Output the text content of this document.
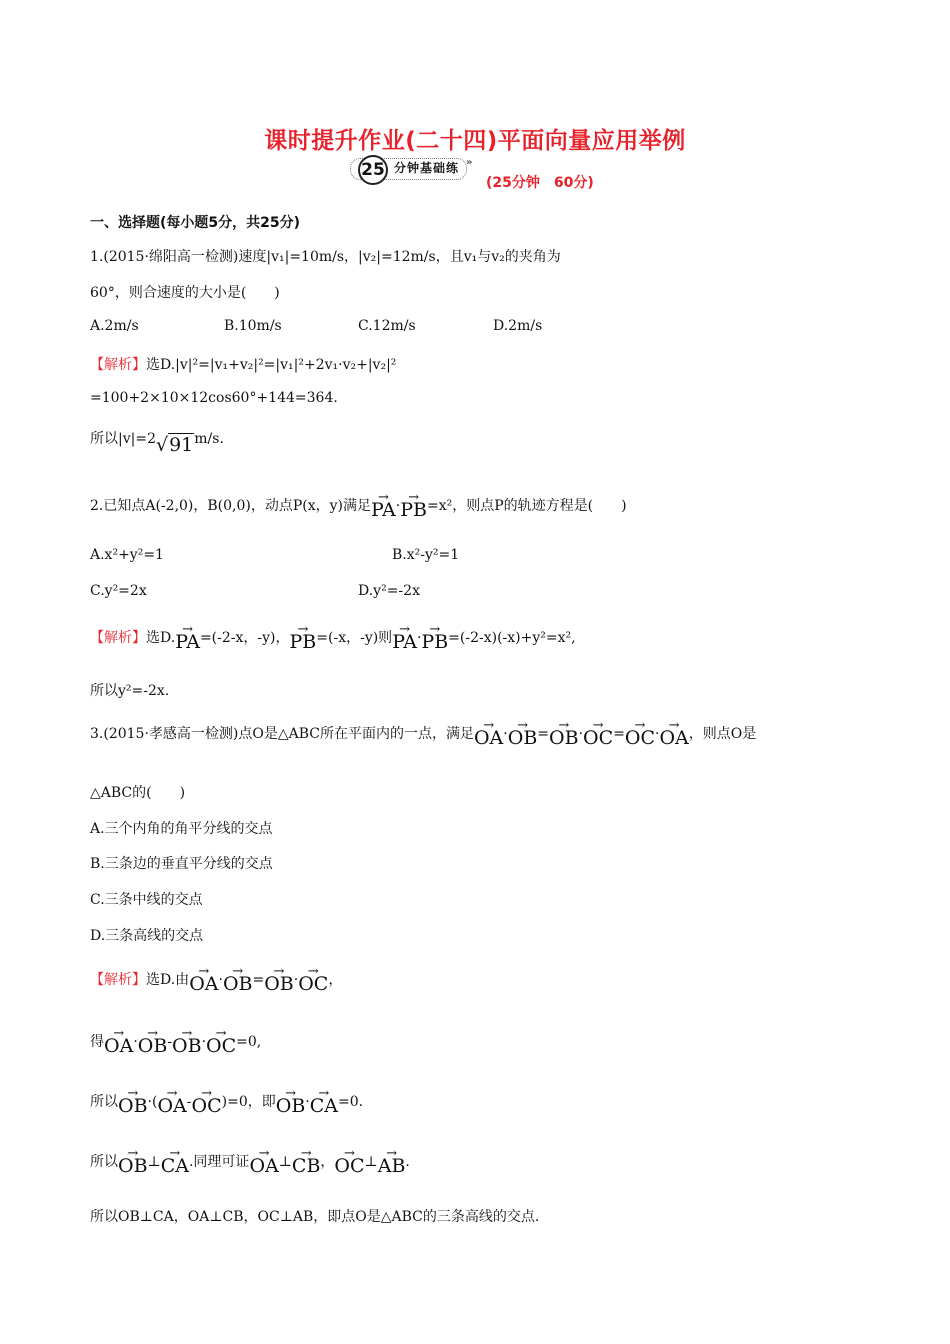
课时提升作业(二十四)平面向量应用举例
25 分钟基础练 »
(25分钟　60分)
一、选择题(每小题5分，共25分)
1.(2015·绵阳高一检测)速度|v₁|=10m/s，|v₂|=12m/s，且v₁与v₂的夹角为
60°，则合速度的大小是(　　)
A.2m/s	B.10m/s	C.12m/s	D.2m/s
【解析】选D.|v|²=|v₁+v₂|²=|v₁|²+2v₁·v₂+|v₂|²
=100+2×10×12cos60°+144=364.
所以|v|=2√91m/s.
2.已知点A(-2,0)，B(0,0)，动点P(x，y)满足→ PA·→ PB=x²，则点P的轨迹方程是(　　)
A.x²+y²=1	B.x²-y²=1
C.y²=2x	D.y²=-2x
【解析】选D.→ PA=(-2-x，-y)，→ PB=(-x，-y)则→ PA·→ PB=(-2-x)(-x)+y²=x²,
所以y²=-2x.
3.(2015·孝感高一检测)点O是△ABC所在平面内的一点，满足→ OA·→ OB=→ OB·→ OC=→ OC·→ OA，则点O是
△ABC的(　　)
A.三个内角的角平分线的交点
B.三条边的垂直平分线的交点
C.三条中线的交点
D.三条高线的交点
【解析】选D.由→ OA·→ OB=→ OB·→ OC，
得→ OA·→ OB-→ OB·→ OC=0,
所以→ OB·(→ OA-→ OC)=0，即→ OB·→ CA=0.
所以→ OB⊥→ CA.同理可证→ OA⊥→ CB，→ OC⊥→ AB.
所以OB⊥CA，OA⊥CB，OC⊥AB，即点O是△ABC的三条高线的交点.
